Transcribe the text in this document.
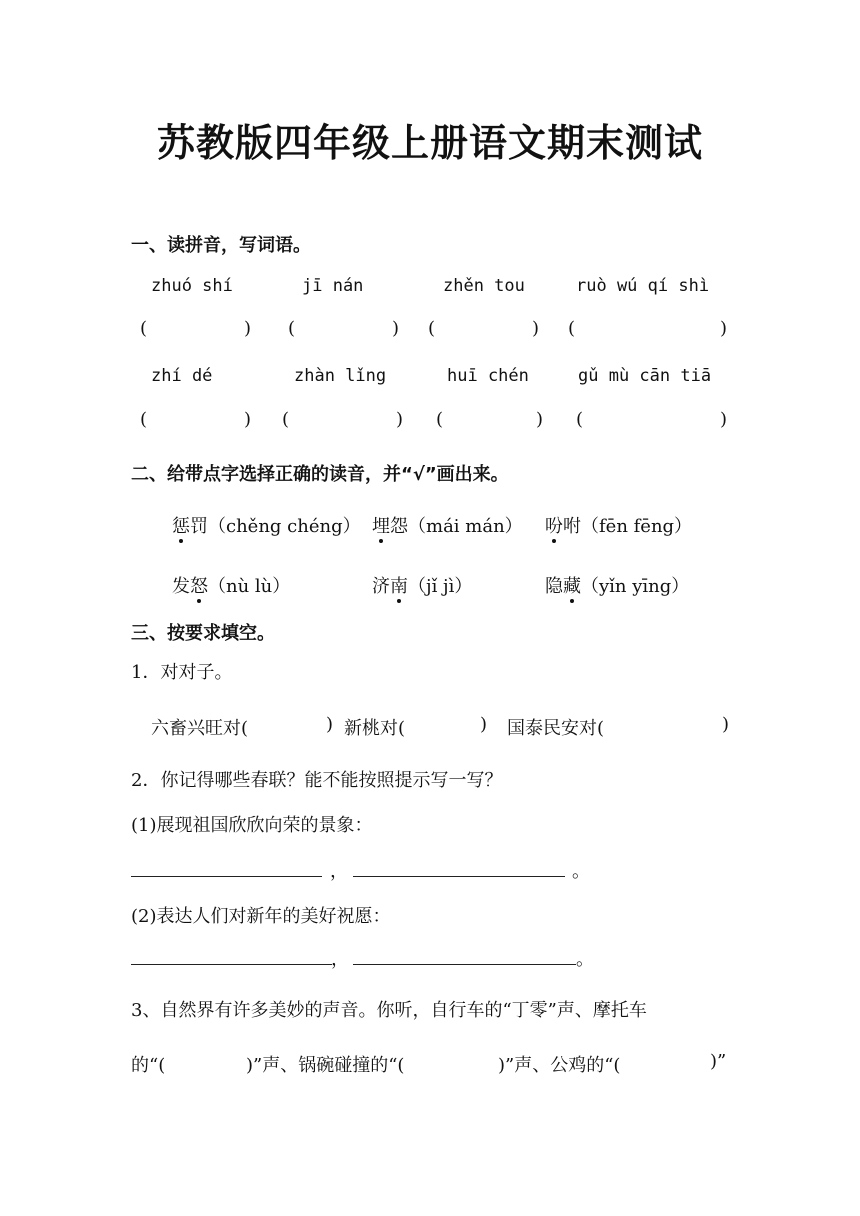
苏教版四年级上册语文期末测试
一、读拼音，写词语。
zhuó shí	jī nán	zhěn tou	ruò wú qí shì
(	) (	) (	) (	)
zhí dé	zhàn lǐng	huī chén	gǔ mù cān tiā
(	) (	) (	) (	)
二、给带点字选择正确的读音，并“√”画出来。
惩罚（chěng chéng） 埋怨（mái mán） 吩咐（fēn fēng）
发怒（nù lù）	济南（jǐ jì）	隐藏（yǐn yīng）
三、按要求填空。
1．对对子。
六畜兴旺对(	) 新桃对(	) 国泰民安对(	)
2．你记得哪些春联？能不能按照提示写一写？
(1)展现祖国欣欣向荣的景象：
，	。
(2)表达人们对新年的美好祝愿：
，	。
3、自然界有许多美妙的声音。你听，自行车的“丁零”声、摩托车
的“(	)”声、锅碗碰撞的“(	)”声、公鸡的“(	)”
